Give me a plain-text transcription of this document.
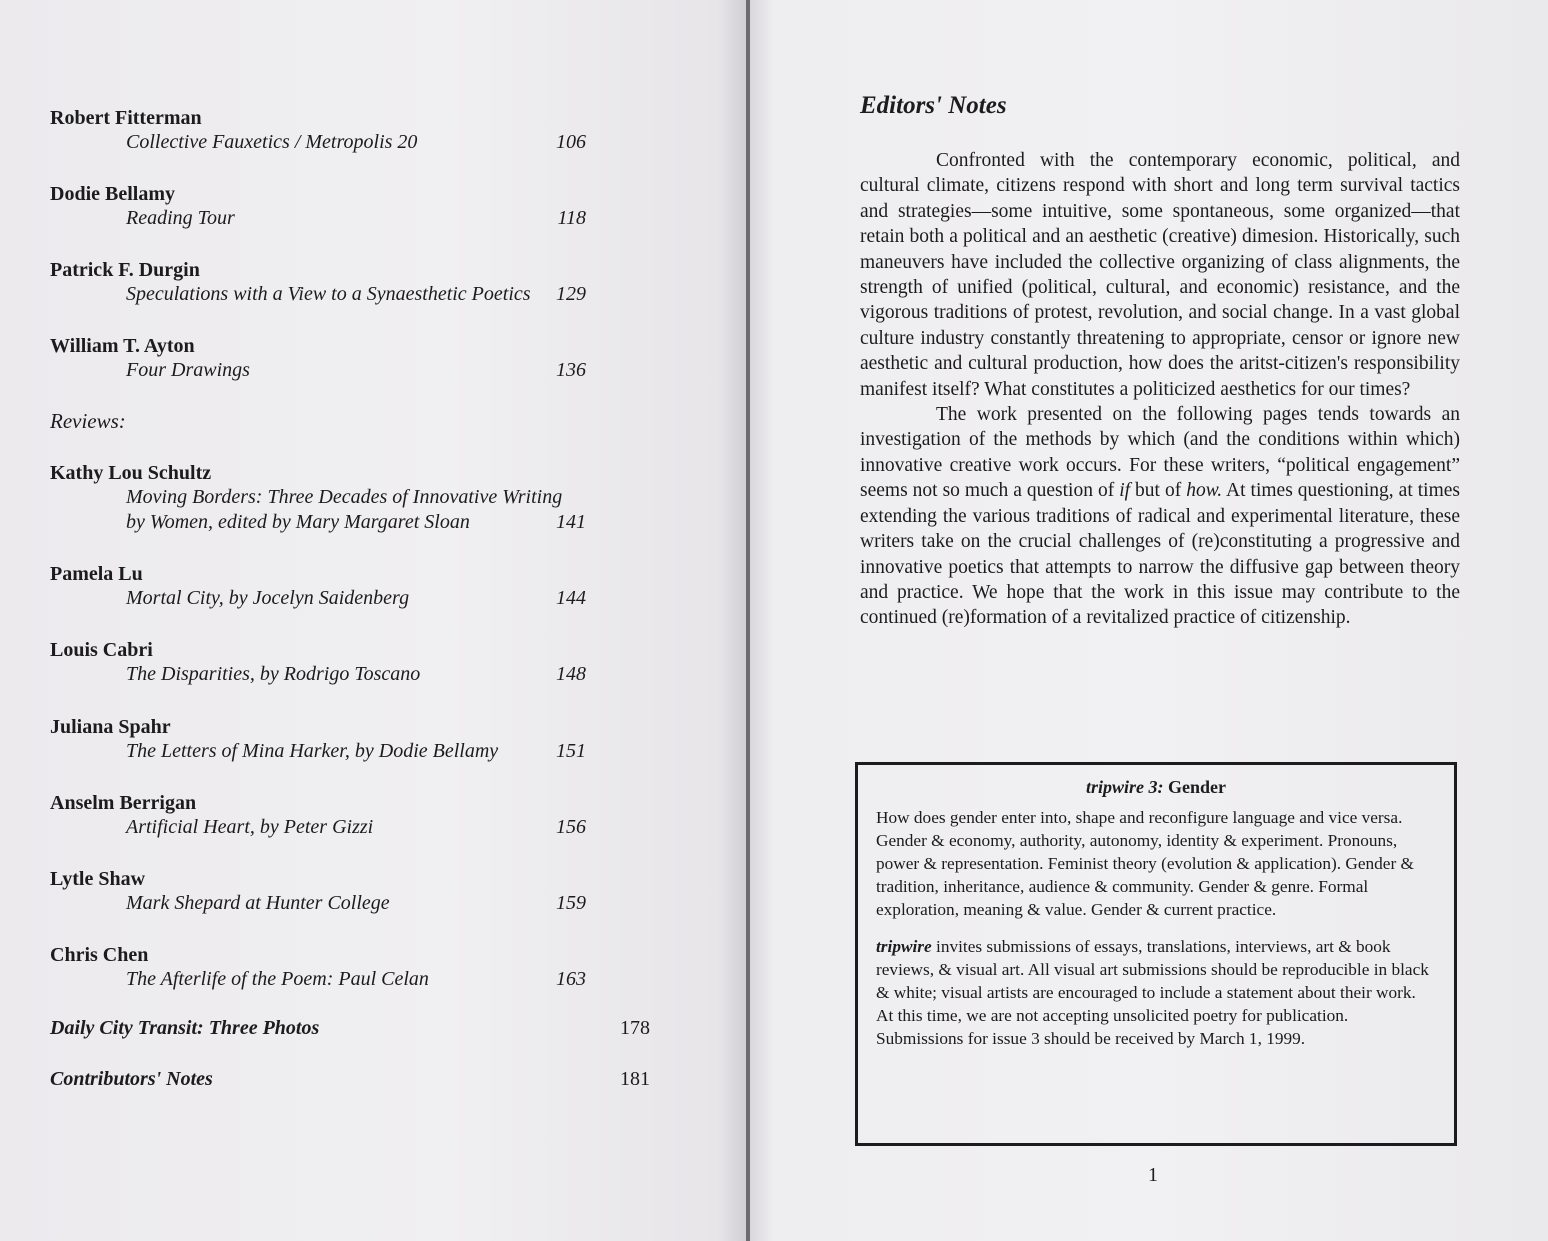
Robert Fitterman
Collective Fauxetics / Metropolis 20	106
Dodie Bellamy
Reading Tour	118
Patrick F. Durgin
Speculations with a View to a Synaesthetic Poetics 129
William T. Ayton
Four Drawings	136
Reviews:
Kathy Lou Schultz
Moving Borders: Three Decades of Innovative Writing
by Women, edited by Mary Margaret Sloan	141
Pamela Lu
Mortal City, by Jocelyn Saidenberg	144
Louis Cabri
The Disparities, by Rodrigo Toscano	148
Juliana Spahr
The Letters of Mina Harker, by Dodie Bellamy	151
Anselm Berrigan
Artificial Heart, by Peter Gizzi	156
Lytle Shaw
Mark Shepard at Hunter College	159
Chris Chen
The Afterlife of the Poem: Paul Celan	163
Daily City Transit: Three Photos	178
Contributors' Notes	181
Editors' Notes

Confronted with the contemporary economic, political, and cultural climate, citizens respond with short and long term survival tactics and strategies—some intuitive, some spontaneous, some organized—that retain both a political and an aesthetic (creative) dimesion. Historically, such maneuvers have included the collective organizing of class alignments, the strength of unified (political, cultural, and economic) resistance, and the vigorous traditions of protest, revolution, and social change. In a vast global culture industry constantly threatening to appropriate, censor or ignore new aesthetic and cultural production, how does the aritst-citizen's responsibility manifest itself? What constitutes a politicized aesthetics for our times?

The work presented on the following pages tends towards an investigation of the methods by which (and the conditions within which) innovative creative work occurs. For these writers, “political engagement” seems not so much a question of if but of how. At times questioning, at times extending the various traditions of radical and experimental literature, these writers take on the crucial challenges of (re)constituting a progressive and innovative poetics that attempts to narrow the diffusive gap between theory and practice. We hope that the work in this issue may contribute to the continued (re)formation of a revitalized practice of citizenship.

tripwire 3: Gender

How does gender enter into, shape and reconfigure language and vice versa. Gender & economy, authority, autonomy, identity & experiment. Pronouns, power & representation. Feminist theory (evolution & application). Gender & tradition, inheritance, audience & community. Gender & genre. Formal exploration, meaning & value. Gender & current practice.

tripwire invites submissions of essays, translations, interviews, art & book reviews, & visual art. All visual art submissions should be reproducible in black & white; visual artists are encouraged to include a statement about their work. At this time, we are not accepting unsolicited poetry for publication. Submissions for issue 3 should be received by March 1, 1999.

1
